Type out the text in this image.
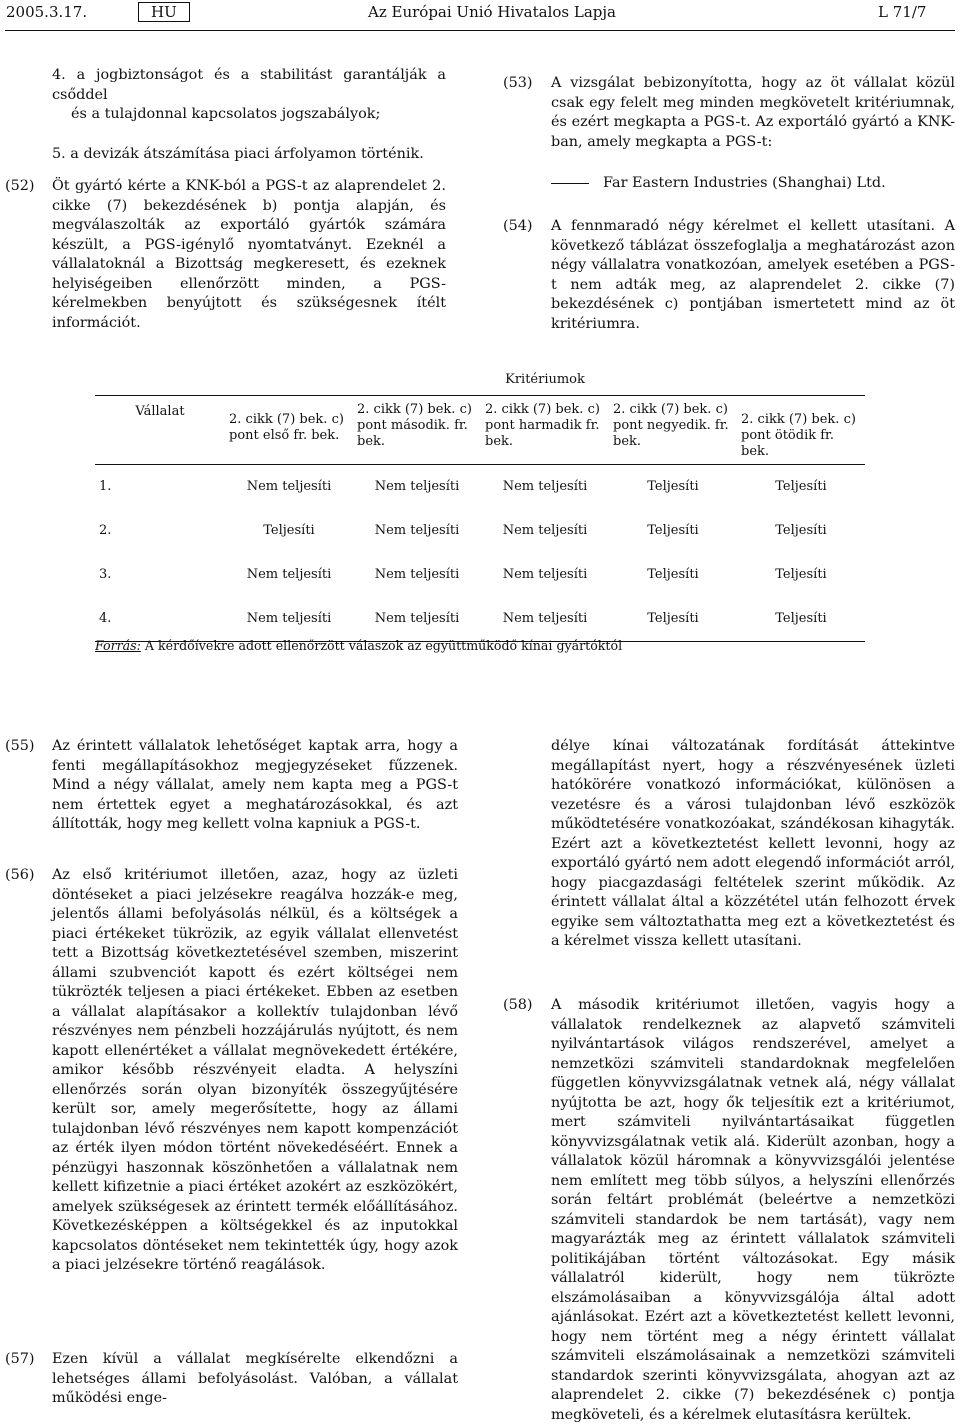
2005.3.17.	HU	Az Európai Unió Hivatalos Lapja	L 71/7
4. a jogbiztonságot és a stabilitást garantálják a csőddel
és a tulajdonnal kapcsolatos jogszabályok;
5. a devizák átszámítása piaci árfolyamon történik.
(52) Öt gyártó kérte a KNK-ból a PGS-t az alaprendelet 2. cikke (7) bekezdésének b) pontja alapján, és megválaszolták az exportáló gyártók számára készült, a PGS-igénylő nyomtatványt. Ezeknél a vállalatoknál a Bizottság megkeresett, és ezeknek helyiségeiben ellenőrzött minden, a PGS-kérelmekben benyújtott és szükségesnek ítélt információt.
(53) A vizsgálat bebizonyította, hogy az öt vállalat közül csak egy felelt meg minden megkövetelt kritériumnak, és ezért megkapta a PGS-t. Az exportáló gyártó a KNK-ban, amely megkapta a PGS-t:
Far Eastern Industries (Shanghai) Ltd.
(54) A fennmaradó négy kérelmet el kellett utasítani. A következő táblázat összefoglalja a meghatározást azon négy vállalatra vonatkozóan, amelyek esetében a PGS-t nem adták meg, az alaprendelet 2. cikke (7) bekezdésének c) pontjában ismertetett mind az öt kritériumra.
	Kritériumok				
Vállalat	2. cikk (7) bek. c) pont első fr. bek.	2. cikk (7) bek. c) pont második. fr. bek.	2. cikk (7) bek. c) pont harmadik fr. bek.	2. cikk (7) bek. c) pont negyedik. fr. bek.	2. cikk (7) bek. c) pont ötödik fr. bek.
1.	Nem teljesíti	Nem teljesíti	Nem teljesíti	Teljesíti	Teljesíti
2.	Teljesíti	Nem teljesíti	Nem teljesíti	Teljesíti	Teljesíti
3.	Nem teljesíti	Nem teljesíti	Nem teljesíti	Teljesíti	Teljesíti
4.	Nem teljesíti	Nem teljesíti	Nem teljesíti	Teljesíti	Teljesíti
Forrás: A kérdőívekre adott ellenőrzött válaszok az együttműködő kínai gyártóktól
(55) Az érintett vállalatok lehetőséget kaptak arra, hogy a fenti megállapításokhoz megjegyzéseket fűzzenek. Mind a négy vállalat, amely nem kapta meg a PGS-t nem értettek egyet a meghatározásokkal, és azt állították, hogy meg kellett volna kapniuk a PGS-t.
(56) Az első kritériumot illetően, azaz, hogy az üzleti döntéseket a piaci jelzésekre reagálva hozzák-e meg, jelentős állami befolyásolás nélkül, és a költségek a piaci értékeket tükrözik, az egyik vállalat ellenvetést tett a Bizottság következtetésével szemben, miszerint állami szubvenciót kapott és ezért költségei nem tükrözték teljesen a piaci értékeket. Ebben az esetben a vállalat alapításakor a kollektív tulajdonban lévő részvényes nem pénzbeli hozzájárulás nyújtott, és nem kapott ellenértéket a vállalat megnövekedett értékére, amikor később részvényeit eladta. A helyszíni ellenőrzés során olyan bizonyíték összegyűjtésére került sor, amely megerősítette, hogy az állami tulajdonban lévő részvényes nem kapott kompenzációt az érték ilyen módon történt növekedéséért. Ennek a pénzügyi haszonnak köszönhetően a vállalatnak nem kellett kifizetnie a piaci értéket azokért az eszközökért, amelyek szükségesek az érintett termék előállításához. Következésképpen a költségekkel és az inputokkal kapcsolatos döntéseket nem tekintették úgy, hogy azok a piaci jelzésekre történő reagálások.
(57) Ezen kívül a vállalat megkísérelte elkendőzni a lehetséges állami befolyásolást. Valóban, a vállalat működési enge-
délye kínai változatának fordítását áttekintve megállapítást nyert, hogy a részvényesének üzleti hatókörére vonatkozó információkat, különösen a vezetésre és a városi tulajdonban lévő eszközök működtetésére vonatkozóakat, szándékosan kihagyták. Ezért azt a következtetést kellett levonni, hogy az exportáló gyártó nem adott elegendő információt arról, hogy piacgazdasági feltételek szerint működik. Az érintett vállalat által a közzététel után felhozott érvek egyike sem változtathatta meg ezt a következtetést és a kérelmet vissza kellett utasítani.
(58) A második kritériumot illetően, vagyis hogy a vállalatok rendelkeznek az alapvető számviteli nyilvántartások világos rendszerével, amelyet a nemzetközi számviteli standardoknak megfelelően független könyvvizsgálatnak vetnek alá, négy vállalat nyújtotta be azt, hogy ők teljesítik ezt a kritériumot, mert számviteli nyilvántartásaikat független könyvvizsgálatnak vetik alá. Kiderült azonban, hogy a vállalatok közül háromnak a könyvvizsgálói jelentése nem említett meg több súlyos, a helyszíni ellenőrzés során feltárt problémát (beleértve a nemzetközi számviteli standardok be nem tartását), vagy nem magyarázták meg az érintett vállalatok számviteli politikájában történt változásokat. Egy másik vállalatról kiderült, hogy nem tükrözte elszámolásaiban a könyvvizsgálója által adott ajánlásokat. Ezért azt a következtetést kellett levonni, hogy nem történt meg a négy érintett vállalat számviteli elszámolásainak a nemzetközi számviteli standardok szerinti könyvvizsgálata, ahogyan azt az alaprendelet 2. cikke (7) bekezdésének c) pontja megköveteli, és a kérelmek elutasításra kerültek.
